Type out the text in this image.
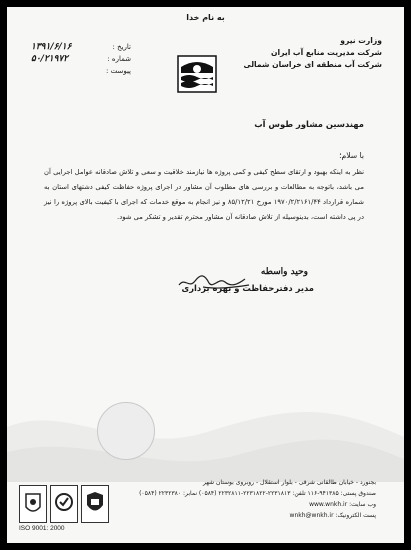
به نام خدا
وزارت نیرو
شرکت مدیریت منابع آب ایران
شرکت آب منطقه ای خراسان شمالی
تاریخ :
۱۳۹۱/۶/۱۶
شماره :
۵۰/۲۱۹۷۲
پیوست :
مهندسین مشاور طوس آب
با سلام؛
نظر به اینکه بهبود و ارتقای سطح کیفی و کمی پروژه ها نیازمند خلاقیت و سعی و تلاش صادقانه عوامل اجرایی آن می باشد، باتوجه به مطالعات و بررسی های مطلوب آن مشاور در اجرای پروژه حفاظت کیفی دشتهای استان به شماره قرارداد ۱۹۷۰/۲/۲۱۶۱/۴۴ مورخ ۸۵/۱۲/۲۱ و نیز انجام به موقع خدمات که اجرای با کیفیت بالای پروژه را نیز در پی داشته است، بدینوسیله از تلاش صادقانه آن مشاور محترم تقدیر و تشکر می شود.
وحید واسطه
مدیر دفترحفاظت و بهره برداری
بجنورد - خیابان طالقانی شرقی - بلوار استقلال - روبروی بوستان شهر
صندوق پستی: ۹۴۱۳۸۵-۱۱۶ تلفن: ۲۲۳۱۸۱۳-۲۲۳۱۸۲۲-۲۲۳۲۸۱۱ (۰۵۸۴) نمابر: ۲۲۳۲۳۸۰ (۰۵۸۴)
وب سایت: www.wnkh.ir
پست الکترونیک: wnkh@wnkh.ir
ISO 9001: 2000
